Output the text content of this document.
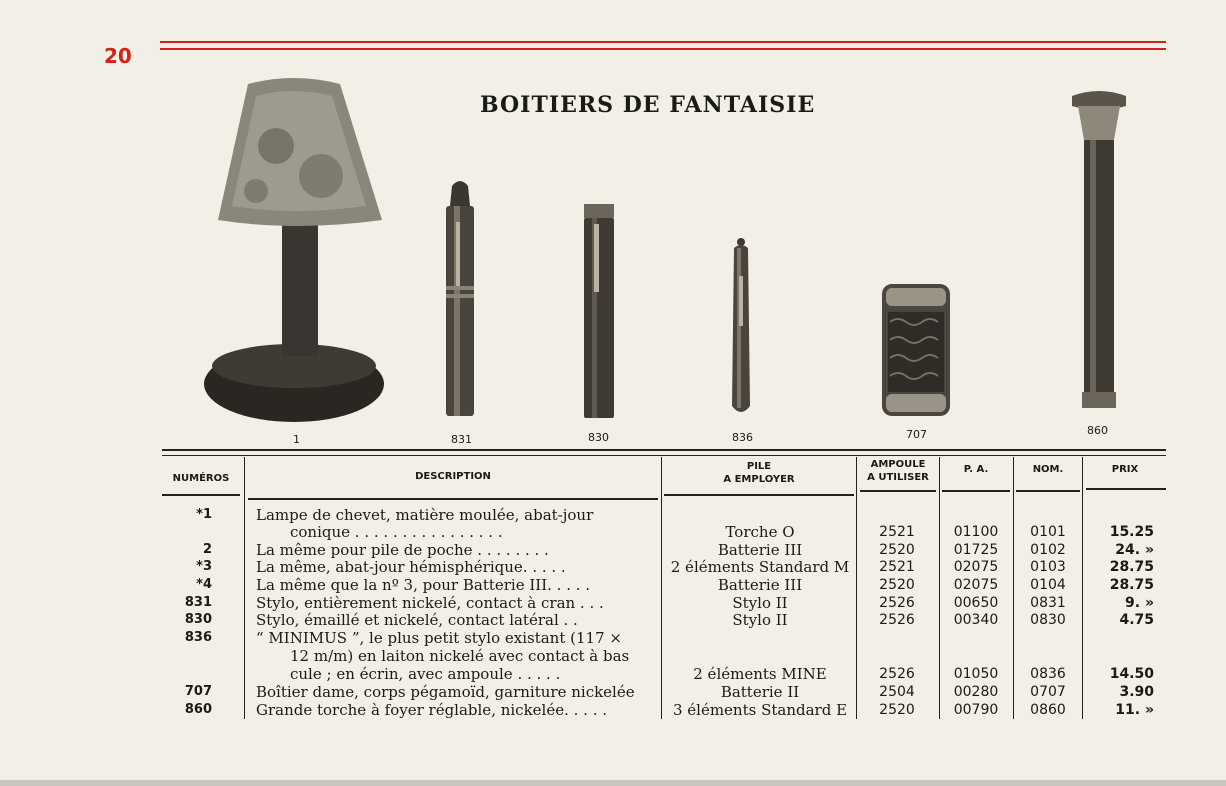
20
BOITIERS DE FANTAISIE
1	831	830	836	707	860
NUMÉROS	DESCRIPTION
PILE
A EMPLOYER
AMPOULE
A UTILISER
P. A.	NOM.	PRIX
*1	Lampe de chevet, matière moulée, abat-jour
conique . . . . . . . . . . . . . . . .	Torche O	2521	01100	0101	15.25
2	La même pour pile de poche . . . . . . . .	Batterie III	2520	01725	0102	24. »
*3	La même, abat-jour hémisphérique. . . . .	2 éléments Standard M	2521	02075	0103	28.75
*4	La même que la nº 3, pour Batterie III. . . . .	Batterie III	2520	02075	0104	28.75
831	Stylo, entièrement nickelé, contact à cran . . .	Stylo II	2526	00650	0831	9. »
830	Stylo, émaillé et nickelé, contact latéral . .	Stylo II	2526	00340	0830	4.75
836	“ MINIMUS ”, le plus petit stylo existant (117 ×
12 m/m) en laiton nickelé avec contact à bas
cule ; en écrin, avec ampoule . . . . .	2 éléments MINE	2526	01050	0836	14.50
707	Boîtier dame, corps pégamoïd, garniture nickelée	Batterie II	2504	00280	0707	3.90
860	Grande torche à foyer réglable, nickelée. . . . .	3 éléments Standard E	2520	00790	0860	11. »
